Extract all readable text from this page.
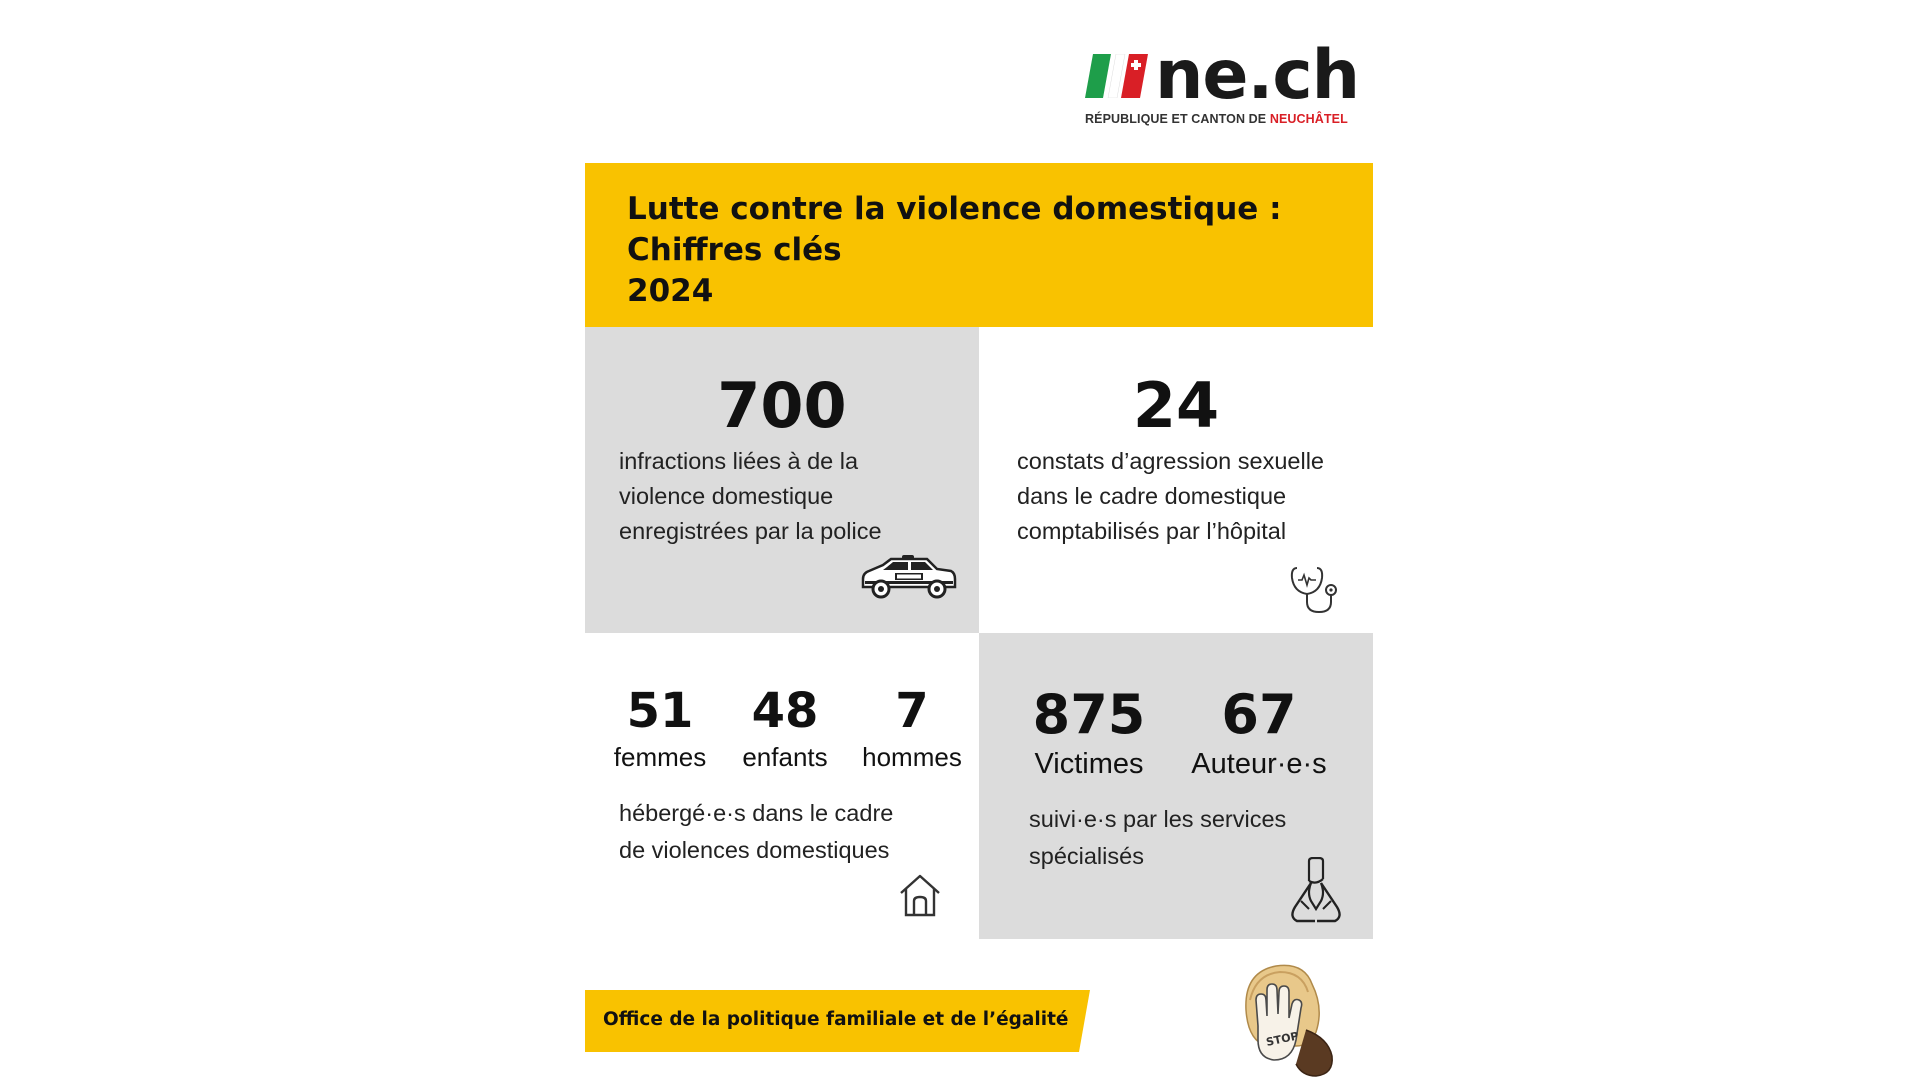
ne.ch
RÉPUBLIQUE ET CANTON DE NEUCHÂTEL
Lutte contre la violence domestique :
Chiffres clés
2024
700
infractions liées à de la
violence domestique
enregistrées par la police
24
constats d’agression sexuelle
dans le cadre domestique
comptabilisés par l’hôpital
51
femmes
48
enfants
7
hommes
hébergé·e·s dans le cadre
de violences domestiques
875
Victimes
67
Auteur·e·s
suivi·e·s par les services
spécialisés
Office de la politique familiale et de l’égalité
STOP
